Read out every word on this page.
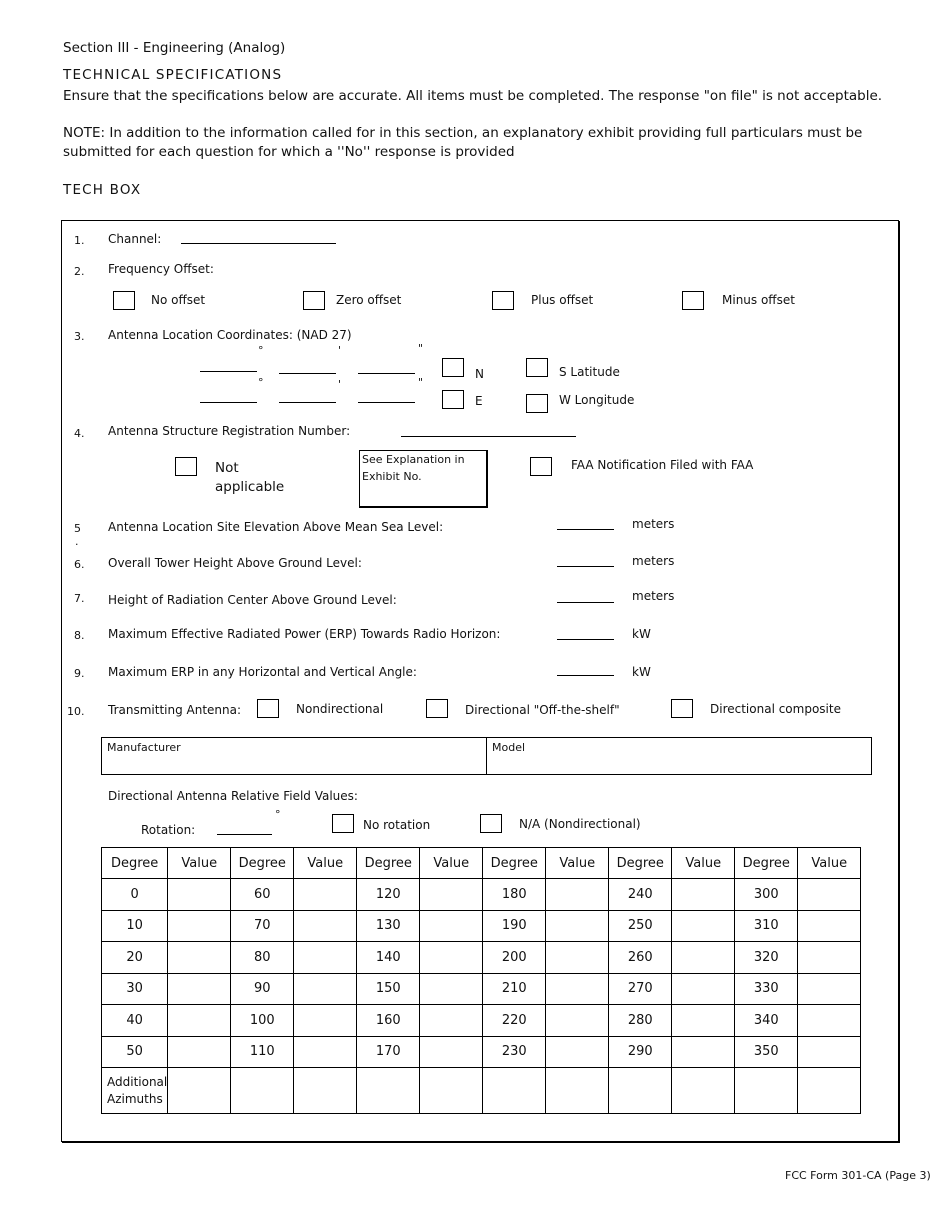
Section III - Engineering (Analog)
TECHNICAL SPECIFICATIONS
Ensure that the specifications below are accurate. All items must be completed. The response "on file" is not acceptable.
NOTE: In addition to the information called for in this section, an explanatory exhibit providing full particulars must be
submitted for each question for which a ''No'' response is provided
TECH BOX
1. Channel:
2. Frequency Offset:
No offset	Zero offset	Plus offset	Minus offset
3. Antenna Location Coordinates: (NAD 27)
°	'	"
N	S Latitude
°	'	"
E	W Longitude
4. Antenna Structure Registration Number:
Not
applicable
See Explanation in
Exhibit No.
FAA Notification Filed with FAA
5
.
Antenna Location Site Elevation Above Mean Sea Level:	meters
6. Overall Tower Height Above Ground Level:	meters
7. Height of Radiation Center Above Ground Level:	meters
8. Maximum Effective Radiated Power (ERP) Towards Radio Horizon:	kW
9. Maximum ERP in any Horizontal and Vertical Angle:	kW
10. Transmitting Antenna:	Nondirectional	Directional "Off-the-shelf"	Directional composite
Manufacturer	Model
Directional Antenna Relative Field Values:
Rotation:
°
No rotation	N/A (Nondirectional)
Degree	Value	Degree	Value	Degree	Value	Degree	Value	Degree	Value	Degree	Value
0		60		120		180		240		300	
10		70		130		190		250		310	
20		80		140		200		260		320	
30		90		150		210		270		330	
40		100		160		220		280		340	
50		110		170		230		290		350	

Additional
Azimuths											

FCC Form 301-CA (Page 3)
